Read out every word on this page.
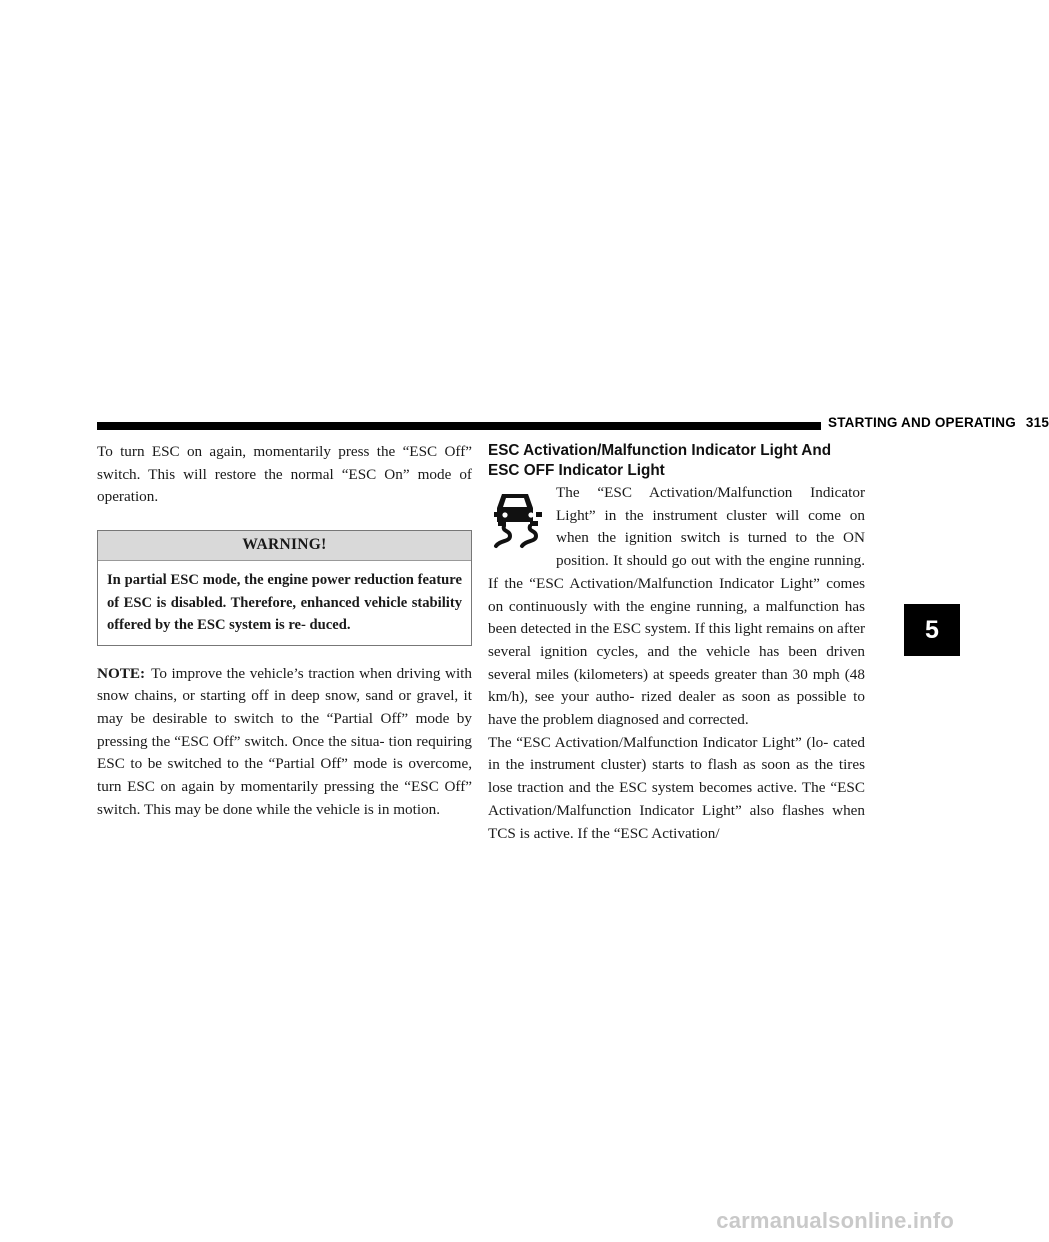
STARTING AND OPERATING 315

To turn ESC on again, momentarily press the “ESC Off” switch. This will restore the normal “ESC On” mode of operation.

WARNING!
In partial ESC mode, the engine power reduction feature of ESC is disabled. Therefore, enhanced vehicle stability offered by the ESC system is re- duced.

NOTE: To improve the vehicle’s traction when driving with snow chains, or starting off in deep snow, sand or gravel, it may be desirable to switch to the “Partial Off” mode by pressing the “ESC Off” switch. Once the situa- tion requiring ESC to be switched to the “Partial Off” mode is overcome, turn ESC on again by momentarily pressing the “ESC Off” switch. This may be done while the vehicle is in motion.

ESC Activation/Malfunction Indicator Light And ESC OFF Indicator Light

The “ESC Activation/Malfunction Indicator Light” in the instrument cluster will come on when the ignition switch is turned to the ON position. It should go out with the engine running. If the “ESC Activation/Malfunction Indicator Light” comes on continuously with the engine running, a malfunction has been detected in the ESC system. If this light remains on after several ignition cycles, and the vehicle has been driven several miles (kilometers) at speeds greater than 30 mph (48 km/h), see your autho- rized dealer as soon as possible to have the problem diagnosed and corrected.

The “ESC Activation/Malfunction Indicator Light” (lo- cated in the instrument cluster) starts to flash as soon as the tires lose traction and the ESC system becomes active. The “ESC Activation/Malfunction Indicator Light” also flashes when TCS is active. If the “ESC Activation/

5
carmanualsonline.info
